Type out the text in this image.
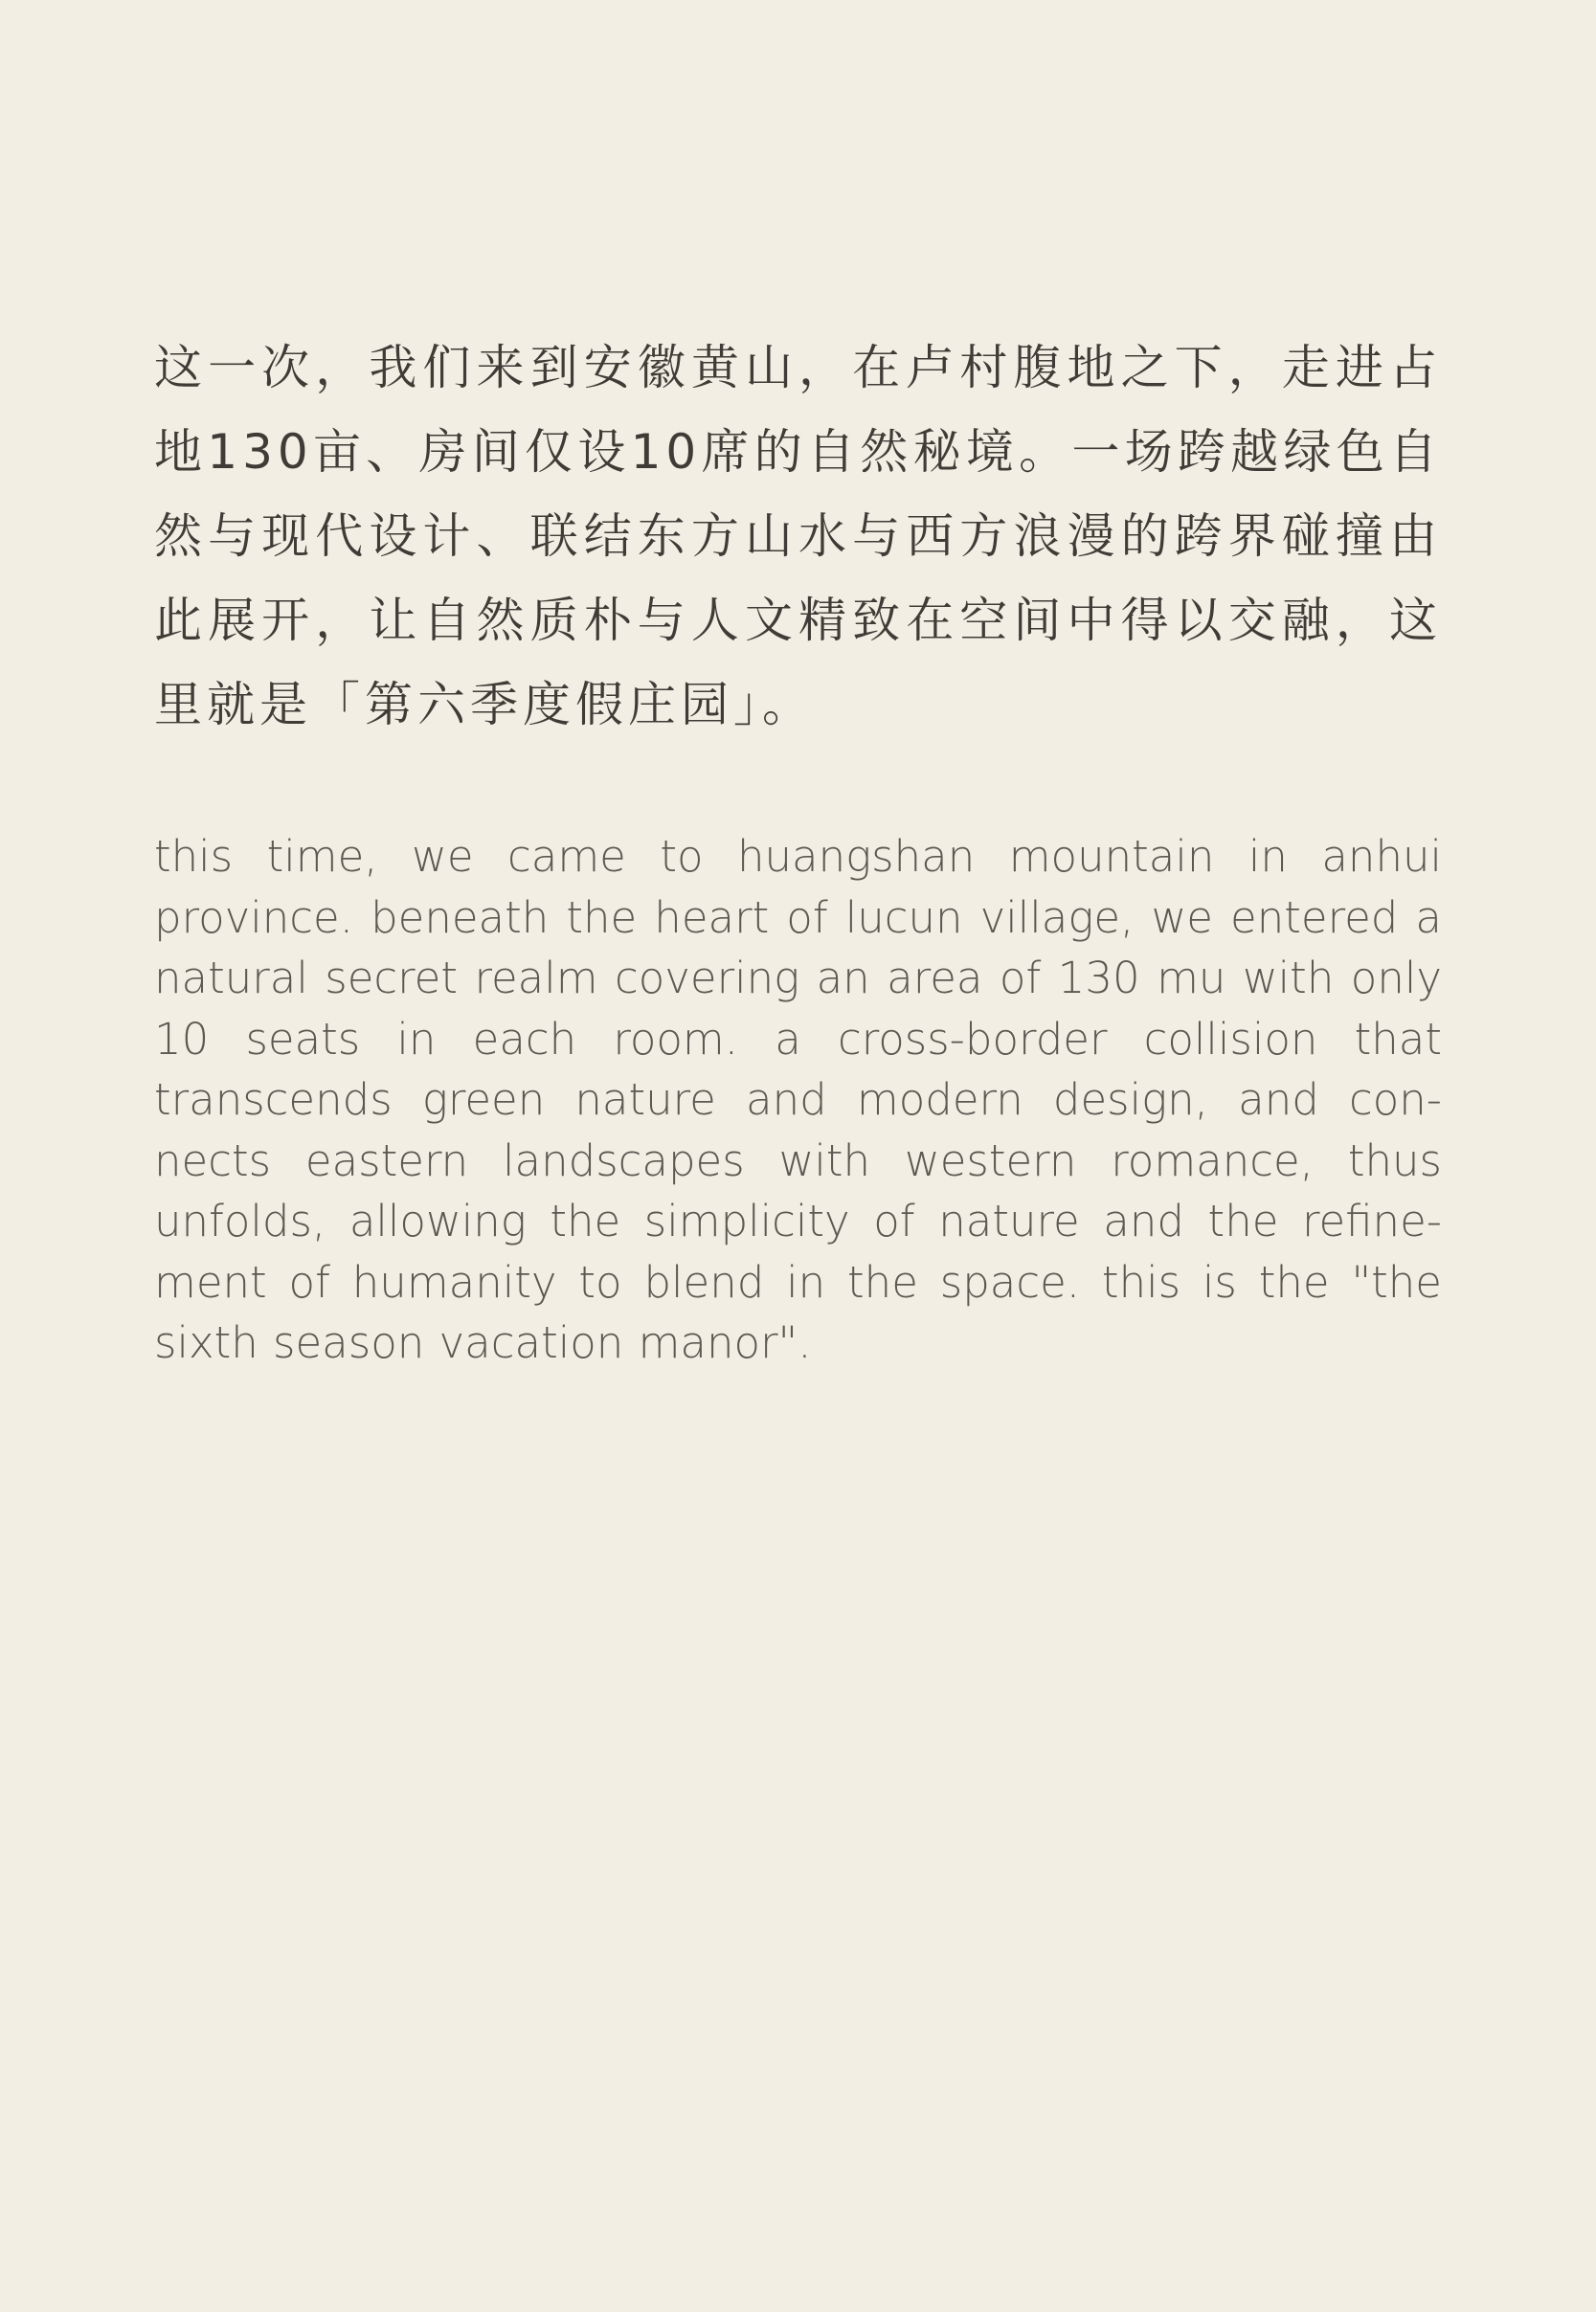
这一次，我们来到安徽黄山，在卢村腹地之下，走进占地130亩、房间仅设10席的自然秘境。一场跨越绿色自然与现代设计、联结东方山水与西方浪漫的跨界碰撞由此展开，让自然质朴与人文精致在空间中得以交融，这里就是「第六季度假庄园」。

this time, we came to huangshan mountain in anhui province. beneath the heart of lucun village, we entered a natural secret realm covering an area of 130 mu with only 10 seats in each room. a cross-border collision that transcends green nature and modern design, and con-nects eastern landscapes with western romance, thus unfolds, allowing the simplicity of nature and the refine-ment of humanity to blend in the space. this is the "the sixth season vacation manor".
